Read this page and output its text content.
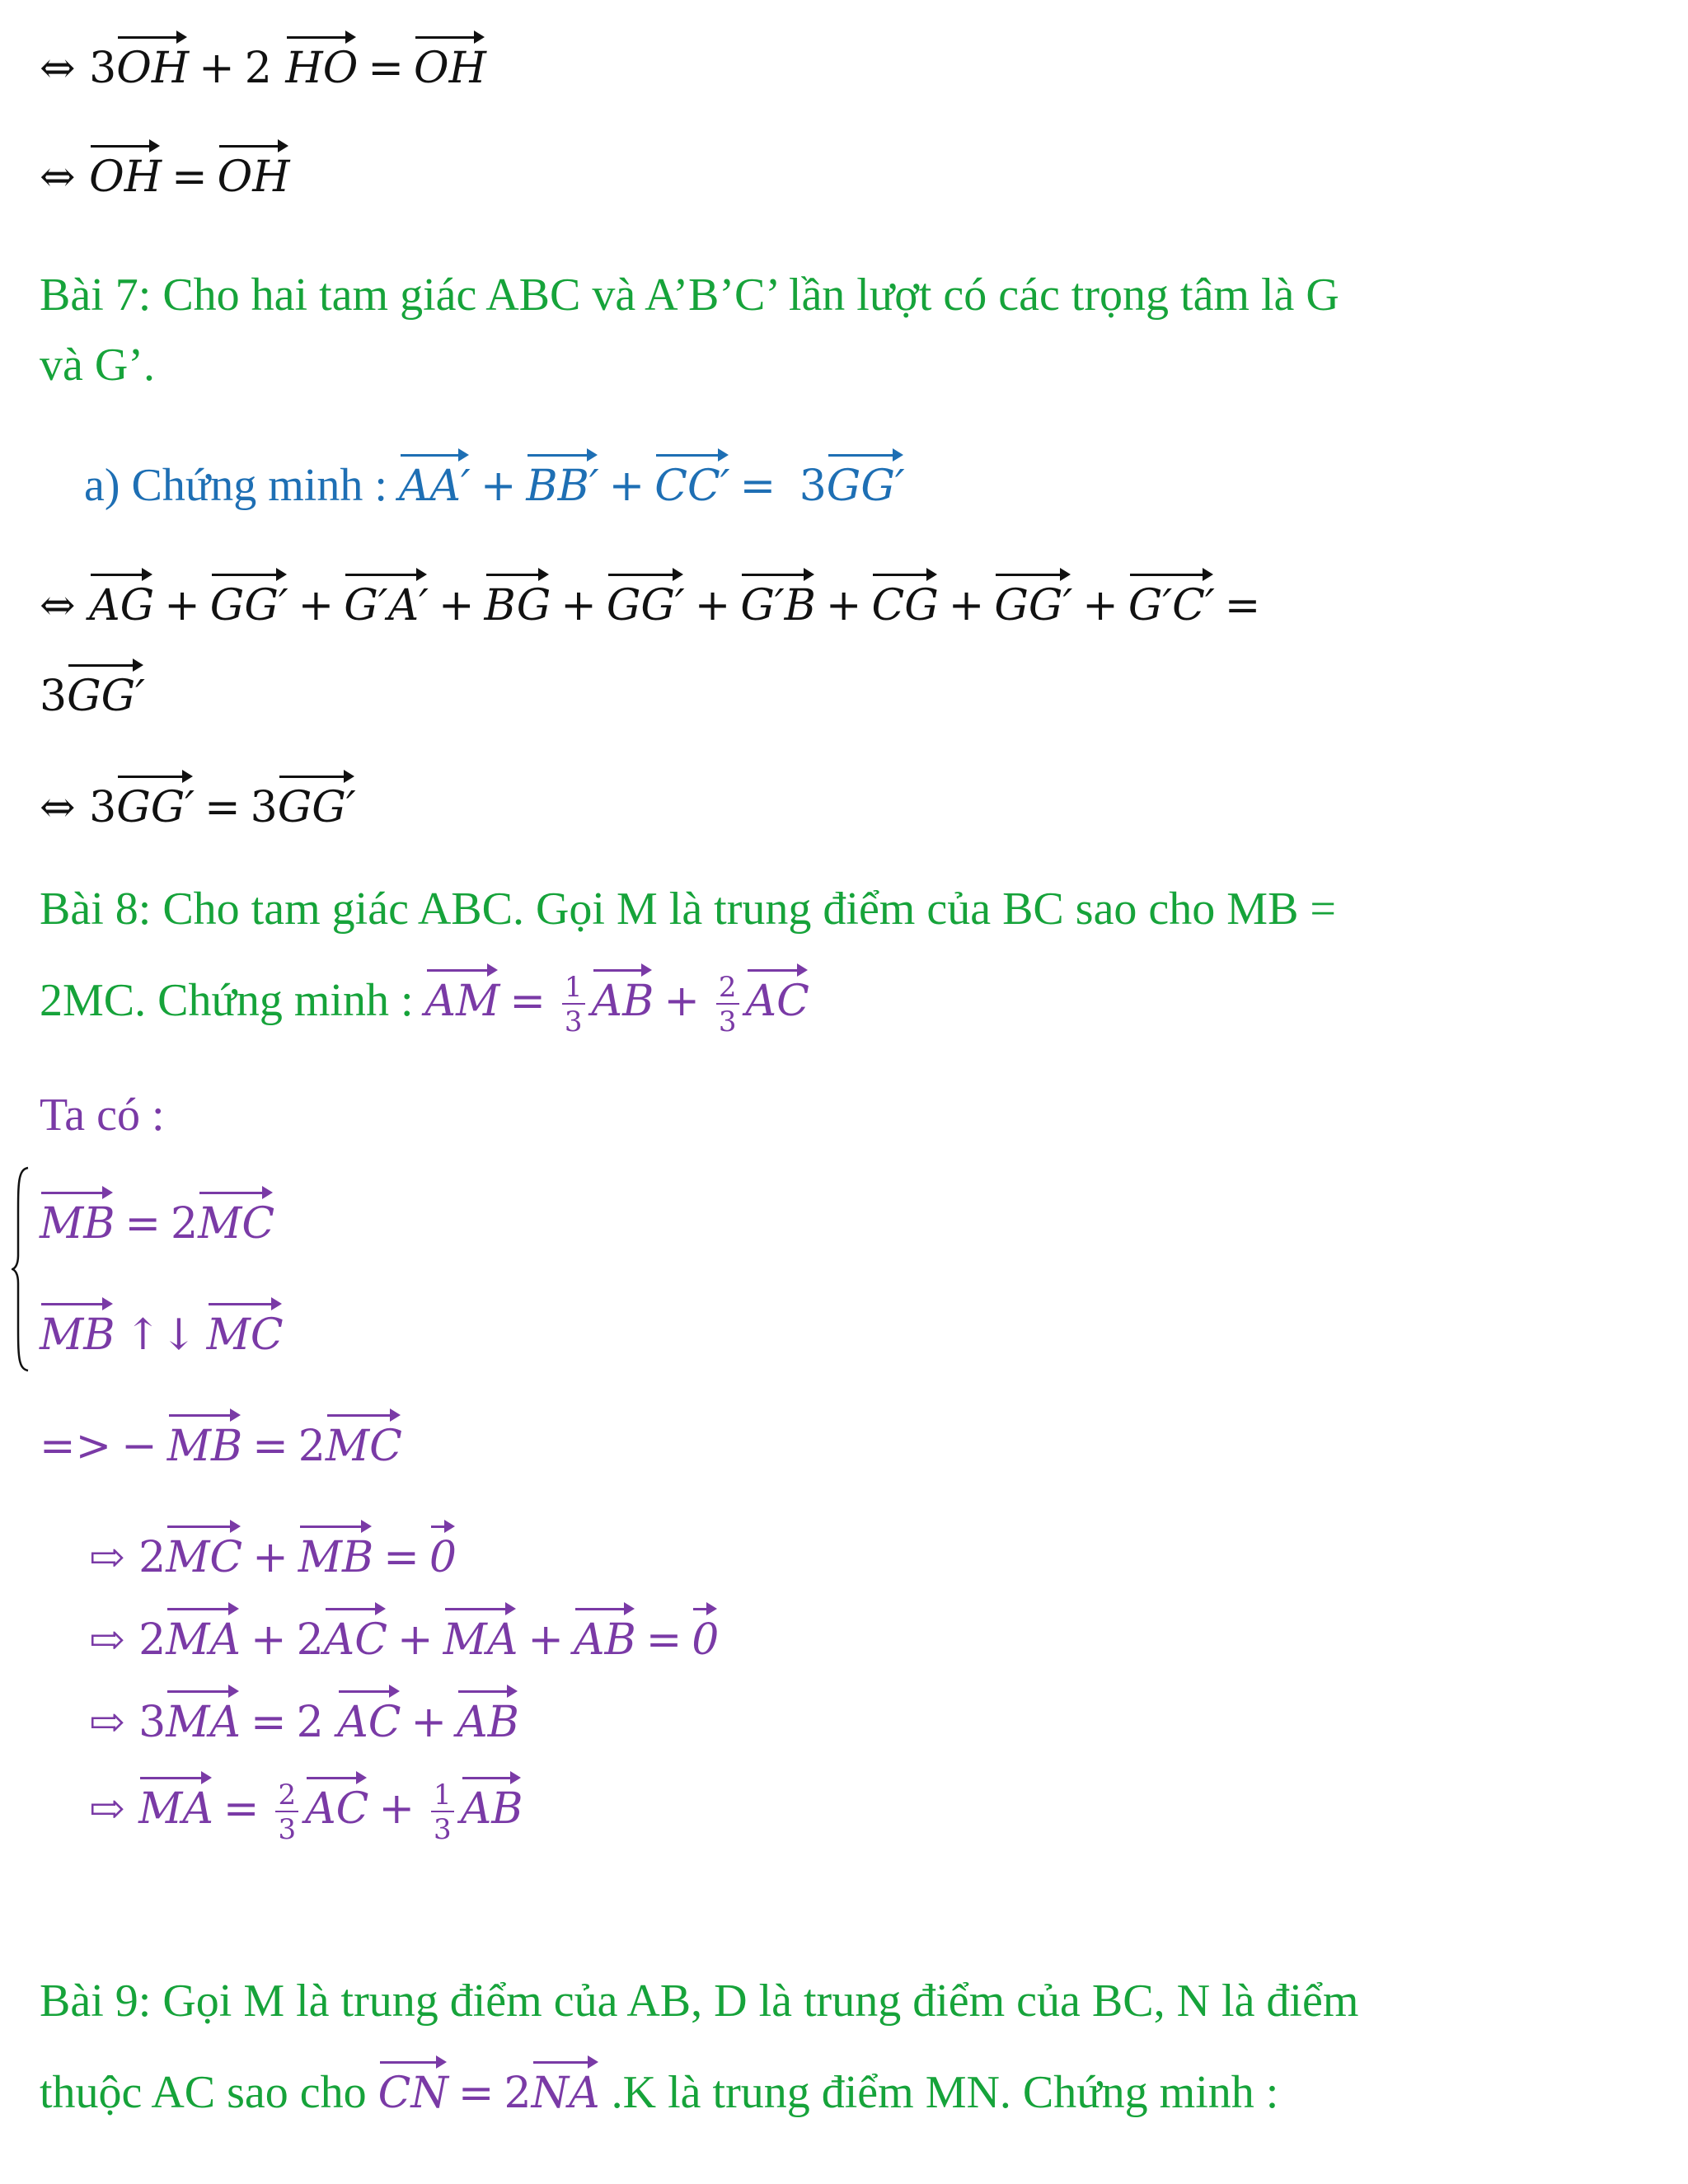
⇔ 3OH + 2 HO = OH
⇔ OH = OH
Bài 7: Cho hai tam giác ABC và A’B’C’ lần lượt có các trọng tâm là G
và G’.
a) Chứng minh : AA′ + BB′ + CC′ = 3GG′
⇔ AG + GG′ + G′A′ + BG + GG′ + G′B + CG + GG′ + G′C′ =
3GG′
⇔ 3GG′ = 3GG′
Bài 8: Cho tam giác ABC. Gọi M là trung điểm của BC sao cho MB =
2MC. Chứng minh : AM = $\frac{1}{3}$ AB + $\frac{2}{3}$ AC
Ta có :
MB = 2MC
MB ↑↓ MC
=> − MB = 2MC
⇨ 2MC + MB = 0
⇨ 2MA + 2AC + MA + AB = 0
⇨ 3MA = 2 AC + AB
⇨ MA = $\frac{2}{3}$ AC + $\frac{1}{3}$ AB
Bài 9: Gọi M là trung điểm của AB, D là trung điểm của BC, N là điểm
thuộc AC sao cho CN = 2NA .K là trung điểm MN. Chứng minh :
